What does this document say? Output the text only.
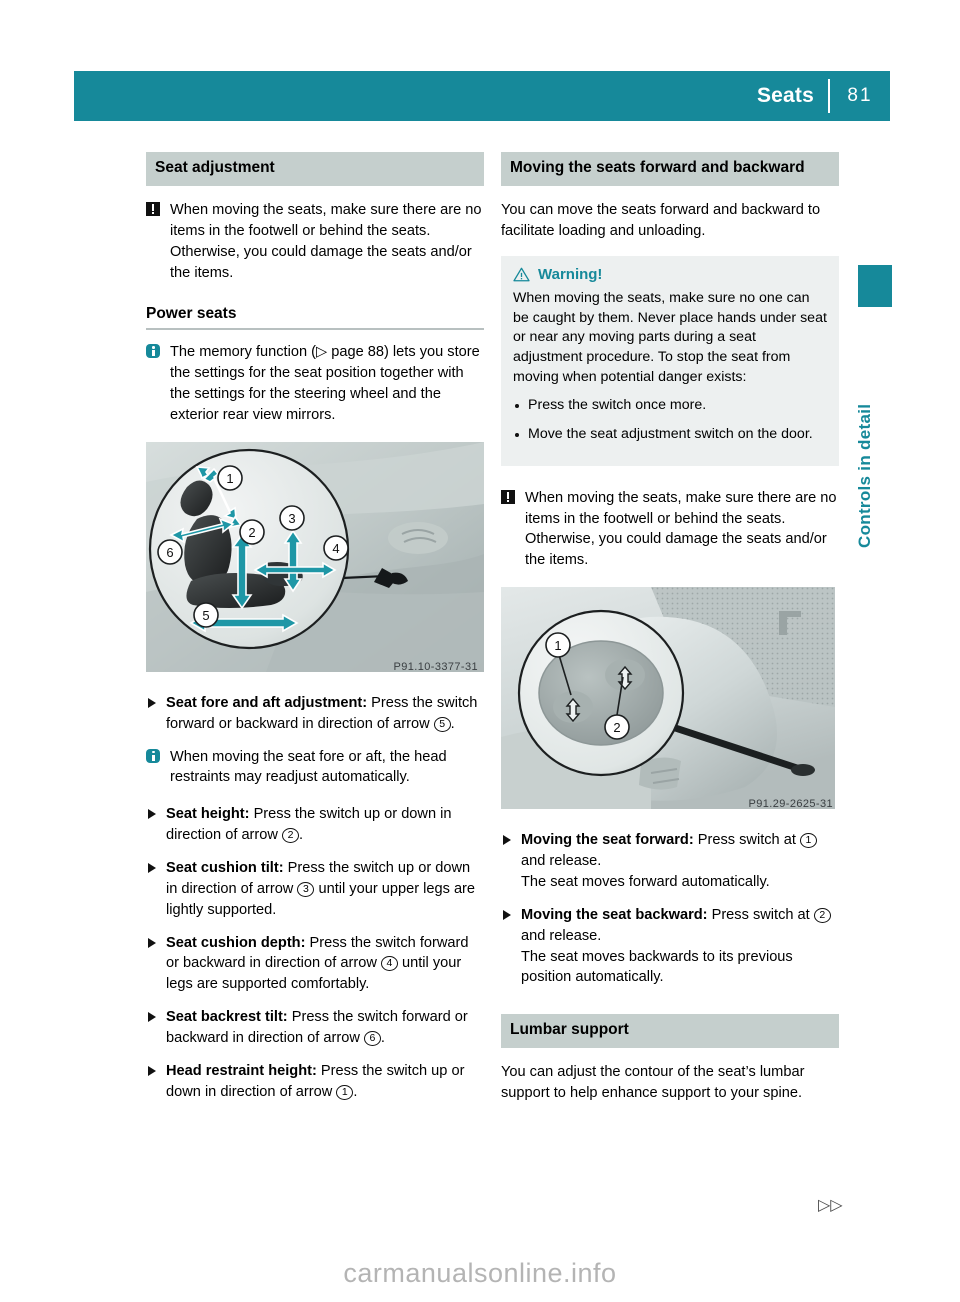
Seats	81
Controls in detail
Seat adjustment
When moving the seats, make sure there are no items in the footwell or behind the seats. Otherwise, you could damage the seats and/or the items.
Power seats
The memory function (▷ page 88) lets you store the settings for the seat position together with the settings for the steering wheel and the exterior rear view mirrors.
1
2
3
4
5
6
P91.10-3377-31
Seat fore and aft adjustment: Press the switch forward or backward in direction of arrow 5 .
When moving the seat fore or aft, the head restraints may readjust automatically.
Seat height: Press the switch up or down in direction of arrow 2 .
Seat cushion tilt: Press the switch up or down in direction of arrow 3 until your upper legs are lightly supported.
Seat cushion depth: Press the switch forward or backward in direction of arrow 4 until your legs are supported comfortably.
Seat backrest tilt: Press the switch forward or backward in direction of arrow 6 .
Head restraint height: Press the switch up or down in direction of arrow 1 .
Moving the seats forward and backward

You can move the seats forward and backward to facilitate loading and unloading.

Warning!

When moving the seats, make sure no one can be caught by them. Never place hands under seat or near any moving parts during a seat adjustment procedure. To stop the seat from moving when potential danger exists:

Press the switch once more.
Move the seat adjustment switch on the door.
When moving the seats, make sure there are no items in the footwell or behind the seats. Otherwise, you could damage the seats and/or the items.
1
2
P91.29-2625-31
Moving the seat forward: Press switch at 1 and release.
The seat moves forward automatically.
Moving the seat backward: Press switch at 2 and release.
The seat moves backwards to its previous position automatically.
Lumbar support

You can adjust the contour of the seat’s lumbar support to help enhance support to your spine.

▷▷
carmanualsonline.info
